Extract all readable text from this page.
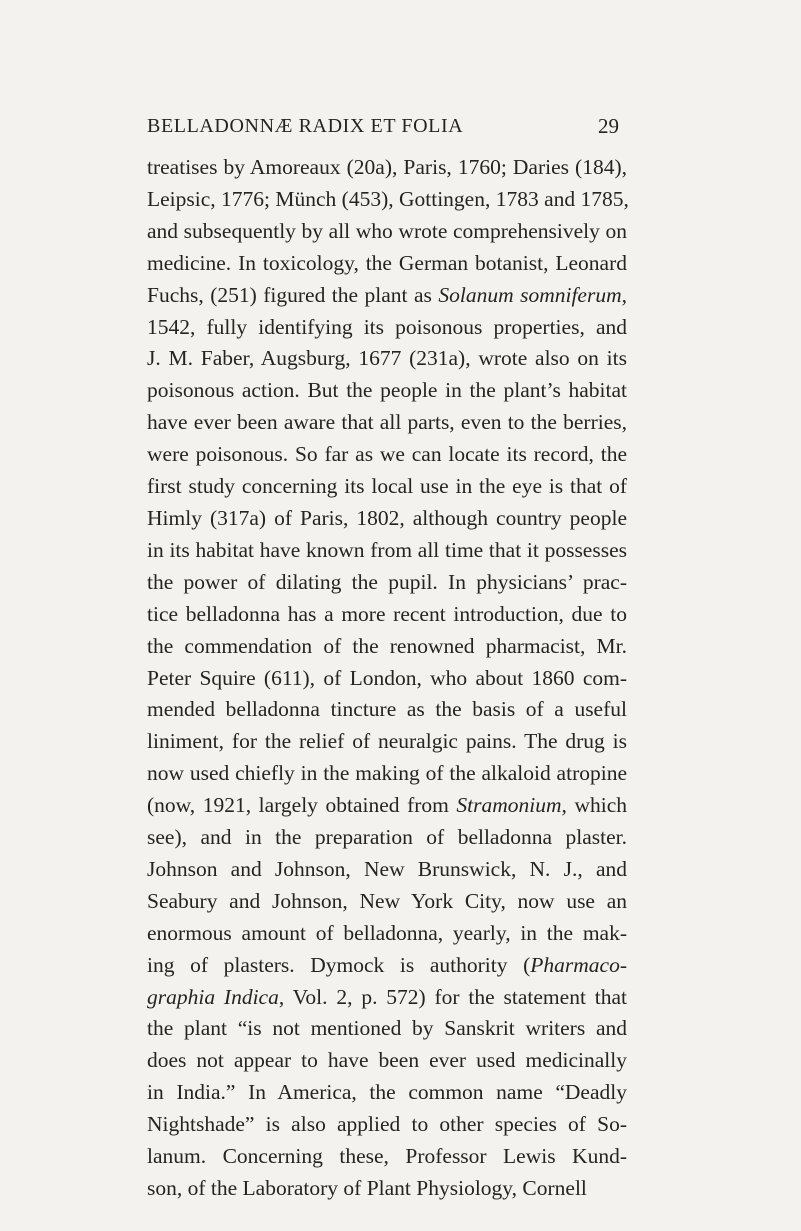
BELLADONNÆ RADIX ET FOLIA	29
treatises by Amoreaux (20a), Paris, 1760; Daries (184),
Leipsic, 1776; Münch (453), Gottingen, 1783 and 1785,
and subsequently by all who wrote comprehensively on
medicine. In toxicology, the German botanist, Leonard
Fuchs, (251) figured the plant as Solanum somniferum,
1542, fully identifying its poisonous properties, and
J. M. Faber, Augsburg, 1677 (231a), wrote also on its
poisonous action. But the people in the plant’s habitat
have ever been aware that all parts, even to the berries,
were poisonous. So far as we can locate its record, the
first study concerning its local use in the eye is that of
Himly (317a) of Paris, 1802, although country people
in its habitat have known from all time that it possesses
the power of dilating the pupil. In physicians’ prac-
tice belladonna has a more recent introduction, due to
the commendation of the renowned pharmacist, Mr.
Peter Squire (611), of London, who about 1860 com-
mended belladonna tincture as the basis of a useful
liniment, for the relief of neuralgic pains. The drug is
now used chiefly in the making of the alkaloid atropine
(now, 1921, largely obtained from Stramonium, which
see), and in the preparation of belladonna plaster.
Johnson and Johnson, New Brunswick, N. J., and
Seabury and Johnson, New York City, now use an
enormous amount of belladonna, yearly, in the mak-
ing of plasters. Dymock is authority (Pharmaco-
graphia Indica, Vol. 2, p. 572) for the statement that
the plant “is not mentioned by Sanskrit writers and
does not appear to have been ever used medicinally
in India.” In America, the common name “Deadly
Nightshade” is also applied to other species of So-
lanum. Concerning these, Professor Lewis Kund-
son, of the Laboratory of Plant Physiology, Cornell
